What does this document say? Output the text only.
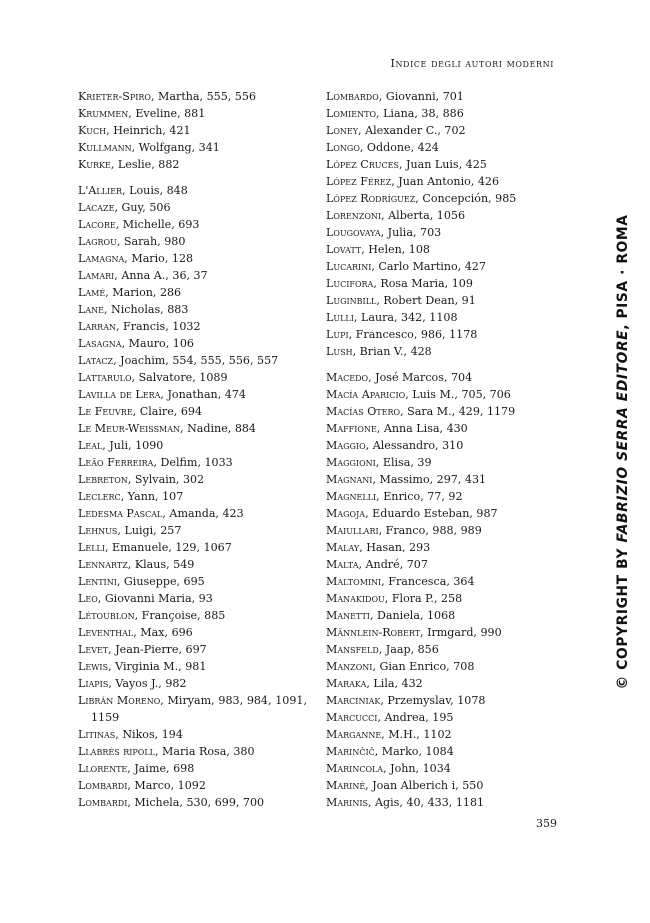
Indice degli autori moderni
Krieter-Spiro, Martha, 555, 556
Krummen, Eveline, 881
Kuch, Heinrich, 421
Kullmann, Wolfgang, 341
Kurke, Leslie, 882
L'Allier, Louis, 848
Lacaze, Guy, 506
Lacore, Michelle, 693
Lagrou, Sarah, 980
Lamagna, Mario, 128
Lamari, Anna A., 36, 37
Lamé, Marion, 286
Lane, Nicholas, 883
Larran, Francis, 1032
Lasagna, Mauro, 106
Latacz, Joachim, 554, 555, 556, 557
Lattarulo, Salvatore, 1089
Lavilla de Lera, Jonathan, 474
Le Feuvre, Claire, 694
Le Meur-Weissman, Nadine, 884
Leal, Juli, 1090
Leão Ferreira, Delfim, 1033
Lebreton, Sylvain, 302
Leclerc, Yann, 107
Ledesma Pascal, Amanda, 423
Lehnus, Luigi, 257
Lelli, Emanuele, 129, 1067
Lennartz, Klaus, 549
Lentini, Giuseppe, 695
Leo, Giovanni Maria, 93
Létoublon, Françoise, 885
Leventhal, Max, 696
Levet, Jean-Pierre, 697
Lewis, Virginia M., 981
Liapis, Vayos J., 982
Librán Moreno, Miryam, 983, 984, 1091, 1159
Litinas, Nikos, 194
Llabrés ripoll, Maria Rosa, 380
Llorente, Jaime, 698
Lombardi, Marco, 1092
Lombardi, Michela, 530, 699, 700
Lombardo, Giovanni, 701
Lomiento, Liana, 38, 886
Loney, Alexander C., 702
Longo, Oddone, 424
López Cruces, Juan Luis, 425
López Férez, Juan Antonio, 426
López Rodríguez, Concepción, 985
Lorenzoni, Alberta, 1056
Lougovaya, Julia, 703
Lovatt, Helen, 108
Lucarini, Carlo Martino, 427
Lucifora, Rosa Maria, 109
Luginbill, Robert Dean, 91
Lulli, Laura, 342, 1108
Lupi, Francesco, 986, 1178
Lush, Brian V., 428
Macedo, José Marcos, 704
Macía Aparicio, Luis M., 705, 706
Macías Otero, Sara M., 429, 1179
Maffione, Anna Lisa, 430
Maggio, Alessandro, 310
Maggioni, Elisa, 39
Magnani, Massimo, 297, 431
Magnelli, Enrico, 77, 92
Magoja, Eduardo Esteban, 987
Maiullari, Franco, 988, 989
Malay, Hasan, 293
Malta, André, 707
Maltomini, Francesca, 364
Manakidou, Flora P., 258
Manetti, Daniela, 1068
Männlein-Robert, Irmgard, 990
Mansfeld, Jaap, 856
Manzoni, Gian Enrico, 708
Maraka, Lila, 432
Marciniak, Przemyslav, 1078
Marcucci, Andrea, 195
Marganne, M.H., 1102
Marinčič, Marko, 1084
Marincola, John, 1034
Mariné, Joan Alberich i, 550
Marinis, Agis, 40, 433, 1181
359
© COPYRIGHT BY FABRIZIO SERRA EDITORE, PISA · ROMA
